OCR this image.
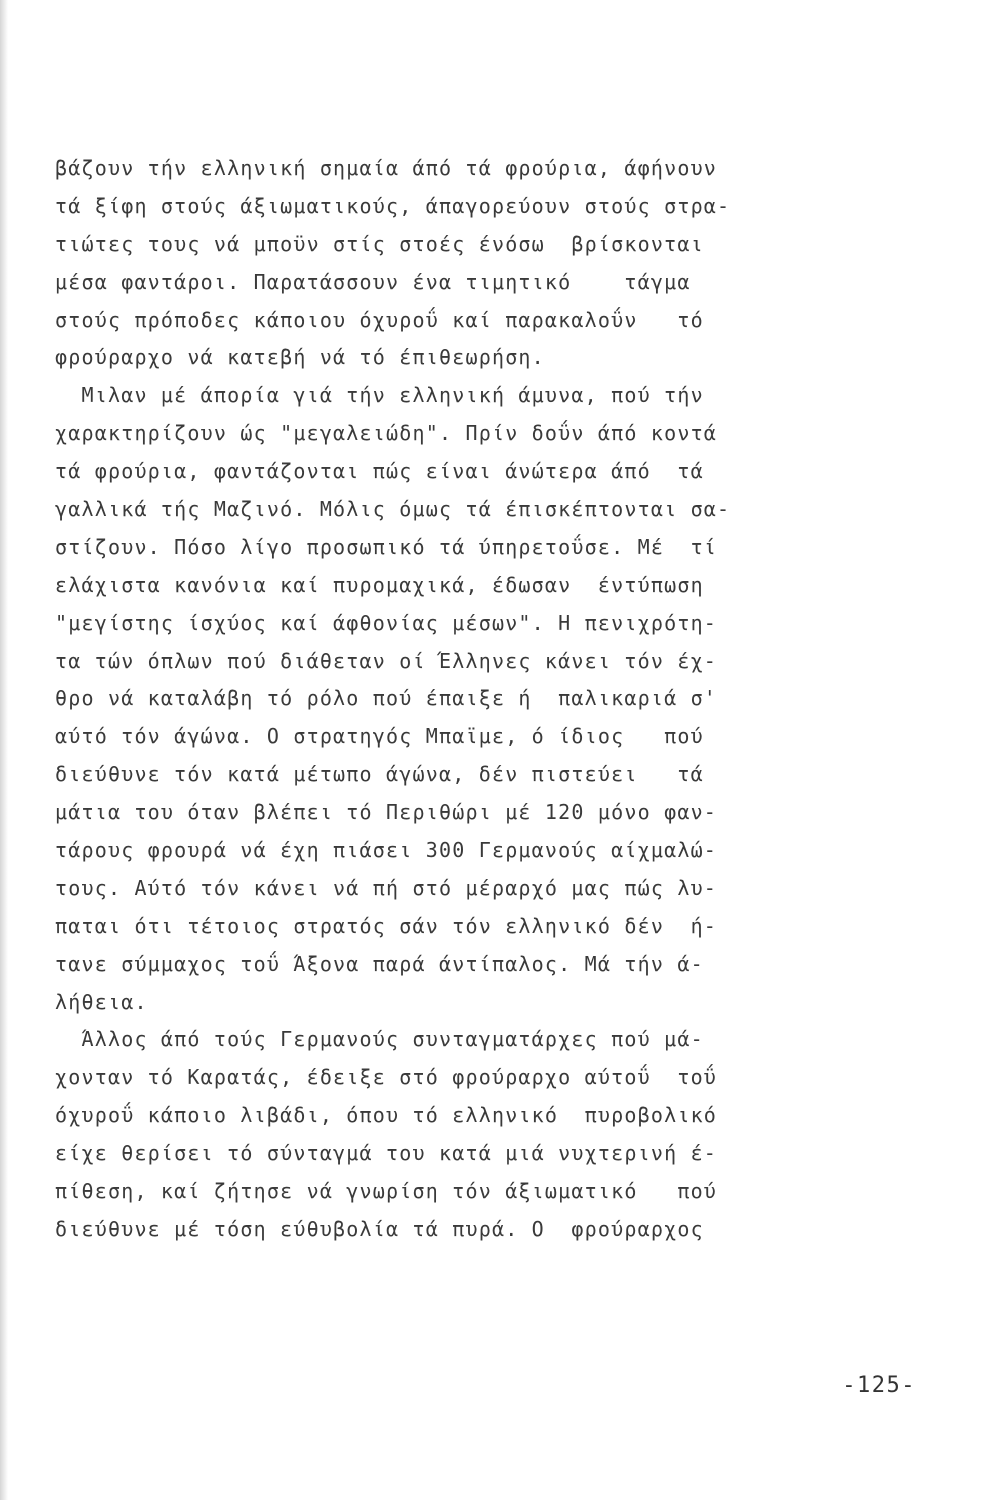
βάζουν τήν ελληνική σημαία άπό τά φρούρια, άφήνουν
τά ξίφη στούς άξιωματικούς, άπαγορεύουν στούς στρα-
τιώτες τους νά μποϋν στίς στοές ένόσω  βρίσκονται
μέσα φαντάροι. Παρατάσσουν ένα τιμητικό    τάγμα
στούς πρόποδες κάποιου όχυροΰ καί παρακαλοΰν   τό
φρούραρχο νά κατεβή νά τό έπιθεωρήση.
Μιλαν μέ άπορία γιά τήν ελληνική άμυνα, πού τήν
χαρακτηρίζουν ώς "μεγαλειώδη". Πρίν δοΰν άπό κοντά
τά φρούρια, φαντάζονται πώς είναι άνώτερα άπό  τά
γαλλικά τής Μαζινό. Μόλις όμως τά έπισκέπτονται σα-
στίζουν. Πόσο λίγο προσωπικό τά ύπηρετοΰσε. Μέ  τί
ελάχιστα κανόνια καί πυρομαχικά, έδωσαν  έντύπωση
"μεγίστης ίσχύος καί άφθονίας μέσων". Η πενιχρότη-
τα τών όπλων πού διάθεταν οί Έλληνες κάνει τόν έχ-
θρο νά καταλάβη τό ρόλο πού έπαιξε ή  παλικαριά σ'
αύτό τόν άγώνα. Ο στρατηγός Μπαϊμε, ό ίδιος   πού
διεύθυνε τόν κατά μέτωπο άγώνα, δέν πιστεύει   τά
μάτια του όταν βλέπει τό Περιθώρι μέ 120 μόνο φαν-
τάρους φρουρά νά έχη πιάσει 300 Γερμανούς αίχμαλώ-
τους. Αύτό τόν κάνει νά πή στό μέραρχό μας πώς λυ-
παται ότι τέτοιος στρατός σάν τόν ελληνικό δέν  ή-
τανε σύμμαχος τοΰ Άξονα παρά άντίπαλος. Μά τήν ά-
λήθεια.
Άλλος άπό τούς Γερμανούς συνταγματάρχες πού μά-
χονταν τό Καρατάς, έδειξε στό φρούραρχο αύτοΰ  τοΰ
όχυροΰ κάποιο λιβάδι, όπου τό ελληνικό  πυροβολικό
είχε θερίσει τό σύνταγμά του κατά μιά νυχτερινή έ-
πίθεση, καί ζήτησε νά γνωρίση τόν άξιωματικό   πού
διεύθυνε μέ τόση εύθυβολία τά πυρά. Ο  φρούραρχος
-125-
